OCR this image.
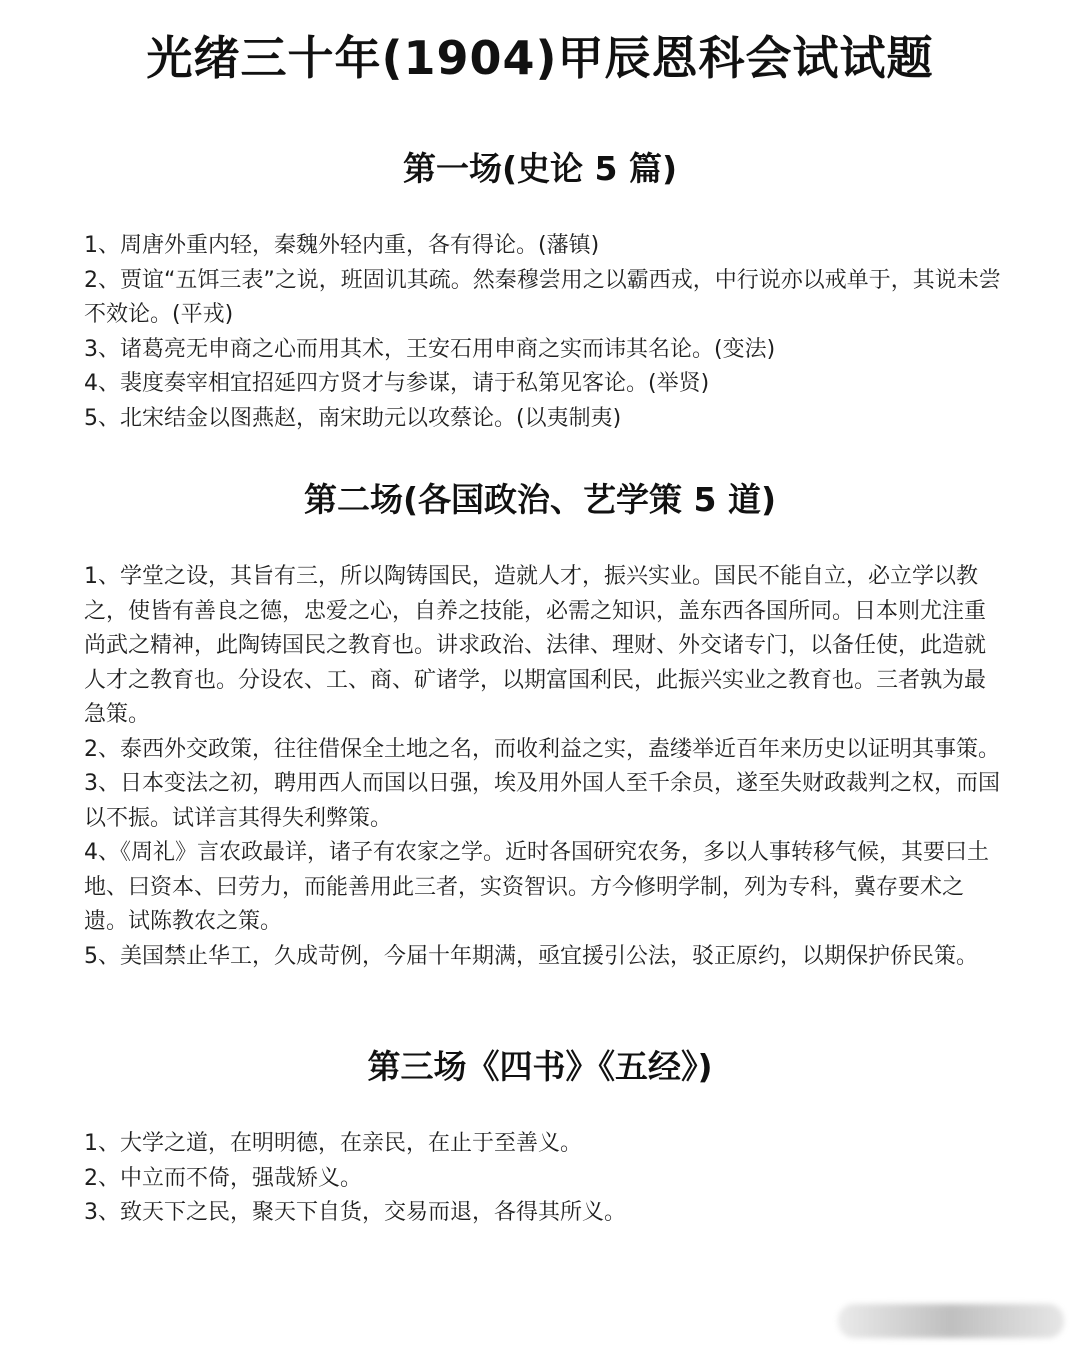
光绪三十年(1904)甲辰恩科会试试题
第一场(史论 5 篇)
1、周唐外重内轻，秦魏外轻内重，各有得论。(藩镇)
2、贾谊“五饵三表”之说，班固讥其疏。然秦穆尝用之以霸西戎，中行说亦以戒单于，其说未尝不效论。(平戎)
3、诸葛亮无申商之心而用其术，王安石用申商之实而讳其名论。(变法)
4、裴度奏宰相宜招延四方贤才与参谋，请于私第见客论。(举贤)
5、北宋结金以图燕赵，南宋助元以攻蔡论。(以夷制夷)
第二场(各国政治、艺学策 5 道)
1、学堂之设，其旨有三，所以陶铸国民，造就人才，振兴实业。国民不能自立，必立学以教之，使皆有善良之德，忠爱之心，自养之技能，必需之知识，盖东西各国所同。日本则尤注重尚武之精神，此陶铸国民之教育也。讲求政治、法律、理财、外交诸专门，以备任使，此造就人才之教育也。分设农、工、商、矿诸学，以期富国利民，此振兴实业之教育也。三者孰为最急策。
2、泰西外交政策，往往借保全土地之名，而收利益之实，盍缕举近百年来历史以证明其事策。
3、日本变法之初，聘用西人而国以日强，埃及用外国人至千余员，遂至失财政裁判之权，而国以不振。试详言其得失利弊策。
4、《周礼》言农政最详，诸子有农家之学。近时各国研究农务，多以人事转移气候，其要曰土地、曰资本、曰劳力，而能善用此三者，实资智识。方今修明学制，列为专科，冀存要术之遗。试陈教农之策。
5、美国禁止华工，久成苛例，今届十年期满，亟宜援引公法，驳正原约，以期保护侨民策。
第三场《四书》《五经》)
1、大学之道，在明明德，在亲民，在止于至善义。
2、中立而不倚，强哉矫义。
3、致天下之民，聚天下自货，交易而退，各得其所义。
